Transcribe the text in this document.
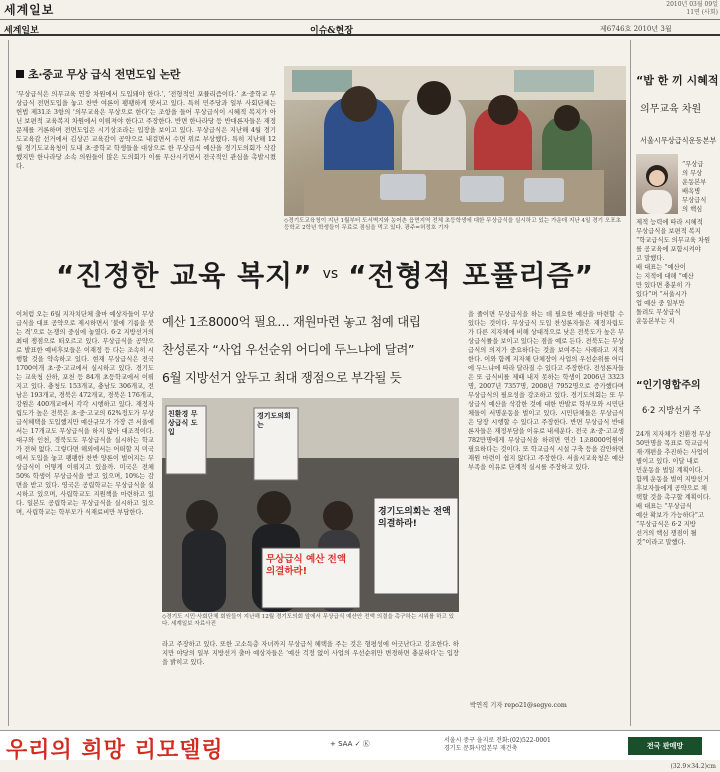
세계일보	2010년 03월 09일
11면 (사회)
세계일보	이슈&현장	제6746호 2010년 3월
초·중교 무상 급식 전면도입 논란
‘무상급식은 의무교육 연장 차원에서 도입돼야 한다.’, ‘전형적인 포퓰리즘이다.’ 초·중학교 무상급식 전면도입을 놓고 찬반 여론이 팽팽하게 맞서고 있다. 특히 민주당과 일부 사회단체는 헌법 제31조 3항의 ‘의무교육은 무상으로 한다’는 조항을 들어 무상급식이 시혜적 복지가 아닌 보편적 교육복지 차원에서 이뤄져야 한다고 주장한다. 반면 한나라당 등 반대론자들은 재정문제를 거론하며 전면도입은 시기상조라는 입장을 보이고 있다. 무상급식은 지난해 4월 경기도교육감 선거에서 김상곤 교육감이 공약으로 내걸면서 수면 위로 부상했다. 특히 지난해 12월 경기도교육청이 도내 초·중학교 학생들을 대상으로 한 무상급식 예산을 경기도의회가 삭감했지만 한나라당 소속 의원들이 많은 도의회가 이를 무산시키면서 전국적인 관심을 촉발시켰다.
◇경기도교육청이 지난 1월부터 도서벽지와 농어촌 읍면지역 전체 초등학생에 대한 무상급식을 실시하고 있는 가운데 지난 4일 경기 오포초등학교 2학년 학생들이 무료로 점심을 먹고 있다. 광주=허정호 기자
“진정한 교육 복지” vs “전형적 포퓰리즘”
예산 1조8000억 필요… 재원마련 놓고 첨예 대립
찬성론자 “사업 우선순위 어디에 두느냐에 달려”
6월 지방선거 앞두고 최대 쟁점으로 부각될 듯
이처럼 오는 6월 지자치단체 출마 예상자들이 무상급식을 대표 공약으로 제시하면서 ‘불에 기름을 붓는 격’으로 논쟁의 중심에 놓였다. 6·2 지방선거의 최대 쟁점으로 떠오르고 있다. 무상급식을 공약으로 발표한 예비후보들은 이재정 등 다는 조속히 시행할 것을 약속하고 있다. 현재 무상급식은 전국 1700여개 초·중·고교에서 실시하고 있다. 경기도는 교육청 산하, 포천 등 84개 초등학교에서 이뤄지고 있다. 충청도 153개교, 충남도 306개교, 전남은 193개교, 경북은 472개교, 경북은 176개교, 강원은 400개교에서 각각 시행하고 있다. 재정자립도가 높은 전북은 초·중·고교의 62%정도가 무상급식혜택을 도입했지만 예산규모가 가장 큰 서울에서는 17개교도 무상급식을 하지 않아 대조적이다. 대구와 인천, 경북도도 무상급식을 실시하는 학교가 전혀 없다. 그렇다면 해외에서는 어떠할 지 미국에서 도입을 놓고 팽팽한 찬반 양론이 벌어지는 무상급식이 어떻게 이뤄지고 있을까. 미국은 전체 50% 학생이 무상급식을 받고 있으며, 10%는 감면을 받고 있다. 영국은 공립학교는 무상급식을 실시하고 있으며, 사립학교도 지원책을 마련하고 있다. 일본도 공립학교는 무상급식을 실시하고 있으며, 사립학교는 학부모가 식재료비만 부담한다.
라고 주장하고 있다. 또한 고소득층 자녀까지 무상급식 혜택을 주는 것은 형평성에 어긋난다고 강조한다. 하지만 야당의 일부 지방선거 출마 예상자들은 ‘예산 걱정 없이 사업의 우선순위만 변경하면 충분하다’는 입장을 밝히고 있다.
을 줄이면 무상급식을 하는 데 필요한 예산을 마련할 수 있다는 것이다. 무상급식 도입 찬성론자들은 재정자립도가 다른 지자체에 비해 상대적으로 낮은 전북도가 높은 무상급식률을 보이고 있다는 점을 예로 든다. 전북도는 무상급식의 의지가 중요하다는 것을 보여주는 사례라고 지적한다. 이와 함께 지자체 단체장이 사업의 우선순위를 어디에 두느냐에 따라 달라질 수 있다고 주장한다. 전성론자들은 또 급식비를 제때 내지 못하는 학생이 2006년 3323명, 2007년 7357명, 2008년 7952명으로 증가했다며 무상급식의 필요성을 강조하고 있다. 경기도의회는 또 무상급식 예산을 삭감한 것에 대한 반발로 학부모와 시민단체들이 서명운동을 벌이고 있다. 시민단체들은 무상급식은 당장 시행할 수 있다고 주장한다. 반면 무상급식 반대론자들은 재정부담을 이유로 내세운다. 전국 초·중·고교생 782만명에게 무상급식을 하려면 연간 1조8000억원이 필요하다는 것이다. 또 학교급식 시설 구축 등을 감안하면 재원 마련이 쉽지 않다고 주장한다. 서울시교육청은 예산 부족을 이유로 단계적 실시를 주장하고 있다.
박연직 기자 repo21@segye.com
친환경 무상급식 도입
경기도의회는
무상급식 예산 전액 의결하라!
경기도의회는 전액의결하라!
◇경기도 시민·사회단체 회원들이 지난해 12월 경기도의회 앞에서 무상급식 예산안 전액 의결을 촉구하는 시위를 하고 있다. 세계일보 자료사진
“밥 한 끼 시혜적
의무교육 차원
서울시무상급식운동본부
“무상급
의 무상
운동본부
배옥병
무상급식
의 핵심
제적 능력에 따라 시혜적
무상급식을 보편적 복지
“학교급식도 의무교육 차원
를 공교육에 포함시켜야
고 말했다.
배 대표는 “예산이
는 지적에 대해 “예산
만 있다면 충분히 가
있다”며 “서울시가
업 예산 중 일부만
돌려도 무상급식
운동본부는 지
“인기영합주의
6·2 지방선거 주
24개 지자체가 친환경 무상
50만명을 목표로 학교급식
재·개편을 추진하는 사업이
별이고 있다. 이달 내로
민운동을 벌일 계획이다.
함께 운동을 벌여 지방선거
후보자들에게 공약으로 채
택할 것을 촉구할 계획이다.
배 대표는 “무상급식
예산 확보가 가능하다”고
“무상급식은 6·2 지방
선거의 핵심 쟁점이 될
것”이라고 말했다.
우리의 희망 리모델링	+ SAA ✓ Ⓚ	서울시 중구 을지로 전화:(02)522-0001
경기도 문화사업본부 재건축	전국 판매망
(32.9×34.2)cm
